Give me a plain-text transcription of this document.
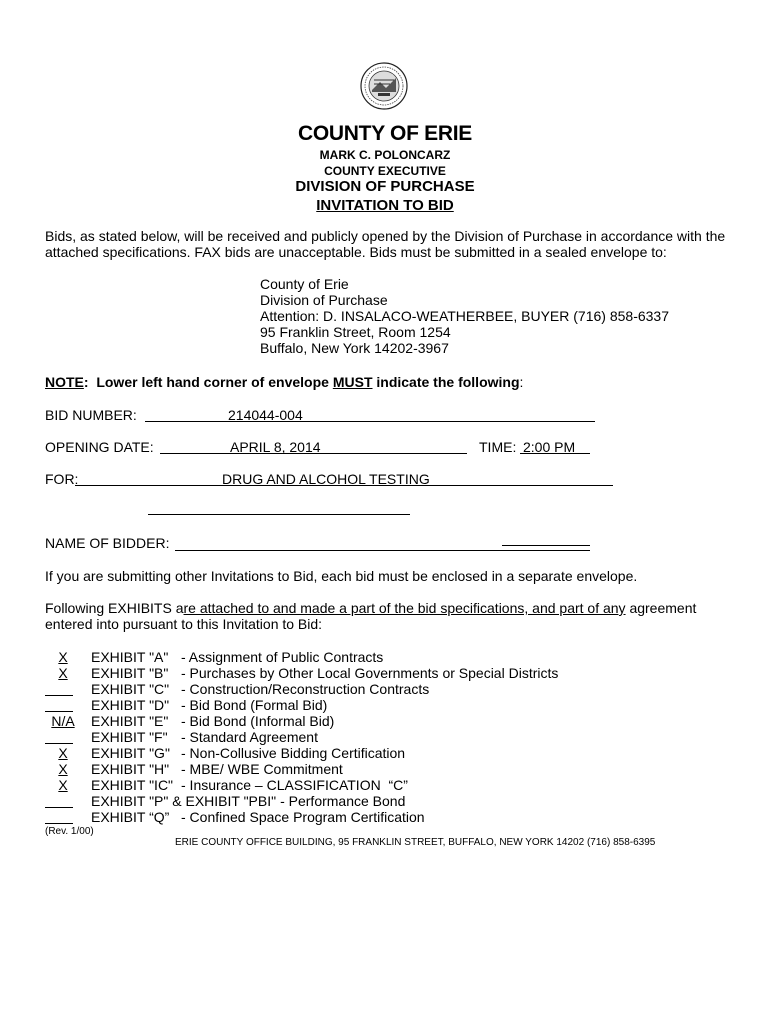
COUNTY OF ERIE
MARK C. POLONCARZ
COUNTY EXECUTIVE
DIVISION OF PURCHASE
INVITATION TO BID
Bids, as stated below, will be received and publicly opened by the Division of Purchase in accordance with the
attached specifications. FAX bids are unacceptable. Bids must be submitted in a sealed envelope to:
County of Erie
Division of Purchase
Attention: D. INSALACO-WEATHERBEE, BUYER (716) 858-6337
95 Franklin Street, Room 1254
Buffalo, New York 14202-3967
NOTE:  Lower left hand corner of envelope MUST indicate the following:
BID NUMBER:	214044-004
OPENING DATE:	APRIL 8, 2014	TIME: 2:00 PM
FOR:	DRUG AND ALCOHOL TESTING
NAME OF BIDDER:
If you are submitting other Invitations to Bid, each bid must be enclosed in a separate envelope.
Following EXHIBITS are attached to and made a part of the bid specifications, and part of any agreement
entered into pursuant to this Invitation to Bid:
X	EXHIBIT "A" - Assignment of Public Contracts
X	EXHIBIT "B" - Purchases by Other Local Governments or Special Districts
EXHIBIT "C" - Construction/Reconstruction Contracts
EXHIBIT "D" - Bid Bond (Formal Bid)
N/A	EXHIBIT "E" - Bid Bond (Informal Bid)
EXHIBIT "F" - Standard Agreement
X	EXHIBIT "G" - Non-Collusive Bidding Certification
X	EXHIBIT "H" - MBE/ WBE Commitment
X	EXHIBIT "IC" - Insurance – CLASSIFICATION  “C”
EXHIBIT "P" & EXHIBIT "PBI" - Performance Bond
EXHIBIT “Q” - Confined Space Program Certification
(Rev. 1/00)
ERIE COUNTY OFFICE BUILDING, 95 FRANKLIN STREET, BUFFALO, NEW YORK 14202 (716) 858-6395
